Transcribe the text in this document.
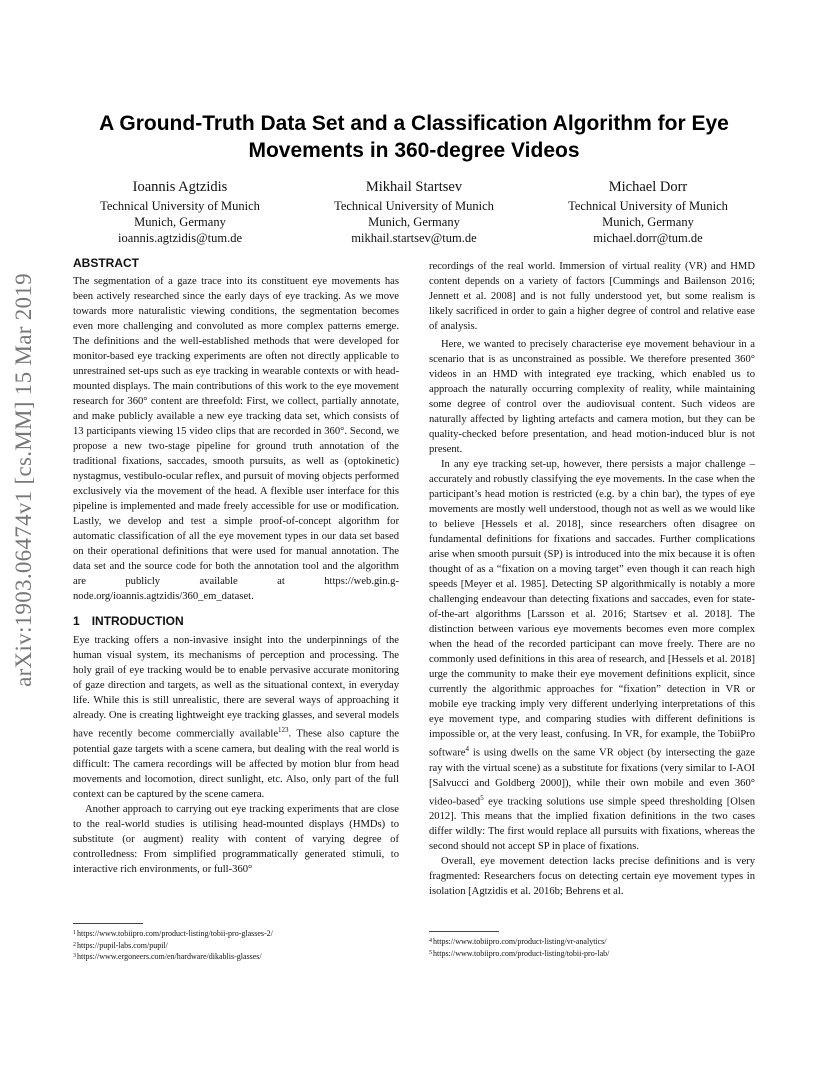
arXiv:1903.06474v1 [cs.MM] 15 Mar 2019
A Ground-Truth Data Set and a Classification Algorithm for Eye Movements in 360-degree Videos
Ioannis Agtzidis
Technical University of Munich
Munich, Germany
ioannis.agtzidis@tum.de
Mikhail Startsev
Technical University of Munich
Munich, Germany
mikhail.startsev@tum.de
Michael Dorr
Technical University of Munich
Munich, Germany
michael.dorr@tum.de
ABSTRACT

The segmentation of a gaze trace into its constituent eye movements has been actively researched since the early days of eye tracking. As we move towards more naturalistic viewing conditions, the segmentation becomes even more challenging and convoluted as more complex patterns emerge. The definitions and the well-established methods that were developed for monitor-based eye tracking experiments are often not directly applicable to unrestrained set-ups such as eye tracking in wearable contexts or with head-mounted displays. The main contributions of this work to the eye movement research for 360° content are threefold: First, we collect, partially annotate, and make publicly available a new eye tracking data set, which consists of 13 participants viewing 15 video clips that are recorded in 360°. Second, we propose a new two-stage pipeline for ground truth annotation of the traditional fixations, saccades, smooth pursuits, as well as (optokinetic) nystagmus, vestibulo-ocular reflex, and pursuit of moving objects performed exclusively via the movement of the head. A flexible user interface for this pipeline is implemented and made freely accessible for use or modification. Lastly, we develop and test a simple proof-of-concept algorithm for automatic classification of all the eye movement types in our data set based on their operational definitions that were used for manual annotation. The data set and the source code for both the annotation tool and the algorithm are publicly available at https://web.gin.g-node.org/ioannis.agtzidis/360_em_dataset.

1 INTRODUCTION

Eye tracking offers a non-invasive insight into the underpinnings of the human visual system, its mechanisms of perception and processing. The holy grail of eye tracking would be to enable pervasive accurate monitoring of gaze direction and targets, as well as the situational context, in everyday life. While this is still unrealistic, there are several ways of approaching it already. One is creating lightweight eye tracking glasses, and several models have recently become commercially available$^{123}$. These also capture the potential gaze targets with a scene camera, but dealing with the real world is difficult: The camera recordings will be affected by motion blur from head movements and locomotion, direct sunlight, etc. Also, only part of the full context can be captured by the scene camera.

Another approach to carrying out eye tracking experiments that are close to the real-world studies is utilising head-mounted displays (HMDs) to substitute (or augment) reality with content of varying degree of controlledness: From simplified programmatically generated stimuli, to interactive rich environments, or full-360°

recordings of the real world. Immersion of virtual reality (VR) and HMD content depends on a variety of factors [Cummings and Bailenson 2016; Jennett et al. 2008] and is not fully understood yet, but some realism is likely sacrificed in order to gain a higher degree of control and relative ease of analysis.

Here, we wanted to precisely characterise eye movement behaviour in a scenario that is as unconstrained as possible. We therefore presented 360° videos in an HMD with integrated eye tracking, which enabled us to approach the naturally occurring complexity of reality, while maintaining some degree of control over the audiovisual content. Such videos are naturally affected by lighting artefacts and camera motion, but they can be quality-checked before presentation, and head motion-induced blur is not present.

In any eye tracking set-up, however, there persists a major challenge – accurately and robustly classifying the eye movements. In the case when the participant’s head motion is restricted (e.g. by a chin bar), the types of eye movements are mostly well understood, though not as well as we would like to believe [Hessels et al. 2018], since researchers often disagree on fundamental definitions for fixations and saccades. Further complications arise when smooth pursuit (SP) is introduced into the mix because it is often thought of as a “fixation on a moving target” even though it can reach high speeds [Meyer et al. 1985]. Detecting SP algorithmically is notably a more challenging endeavour than detecting fixations and saccades, even for state-of-the-art algorithms [Larsson et al. 2016; Startsev et al. 2018]. The distinction between various eye movements becomes even more complex when the head of the recorded participant can move freely. There are no commonly used definitions in this area of research, and [Hessels et al. 2018] urge the community to make their eye movement definitions explicit, since currently the algorithmic approaches for “fixation” detection in VR or mobile eye tracking imply very different underlying interpretations of this eye movement type, and comparing studies with different definitions is impossible or, at the very least, confusing. In VR, for example, the TobiiPro software$^4$ is using dwells on the same VR object (by intersecting the gaze ray with the virtual scene) as a substitute for fixations (very similar to I-AOI [Salvucci and Goldberg 2000]), while their own mobile and even 360° video-based$^5$ eye tracking solutions use simple speed thresholding [Olsen 2012]. This means that the implied fixation definitions in the two cases differ wildly: The first would replace all pursuits with fixations, whereas the second should not accept SP in place of fixations.

Overall, eye movement detection lacks precise definitions and is very fragmented: Researchers focus on detecting certain eye movement types in isolation [Agtzidis et al. 2016b; Behrens et al.

$^1$https://www.tobiipro.com/product-listing/tobii-pro-glasses-2/
$^2$https://pupil-labs.com/pupil/
$^3$https://www.ergoneers.com/en/hardware/dikablis-glasses/
$^4$https://www.tobiipro.com/product-listing/vr-analytics/
$^5$https://www.tobiipro.com/product-listing/tobii-pro-lab/
